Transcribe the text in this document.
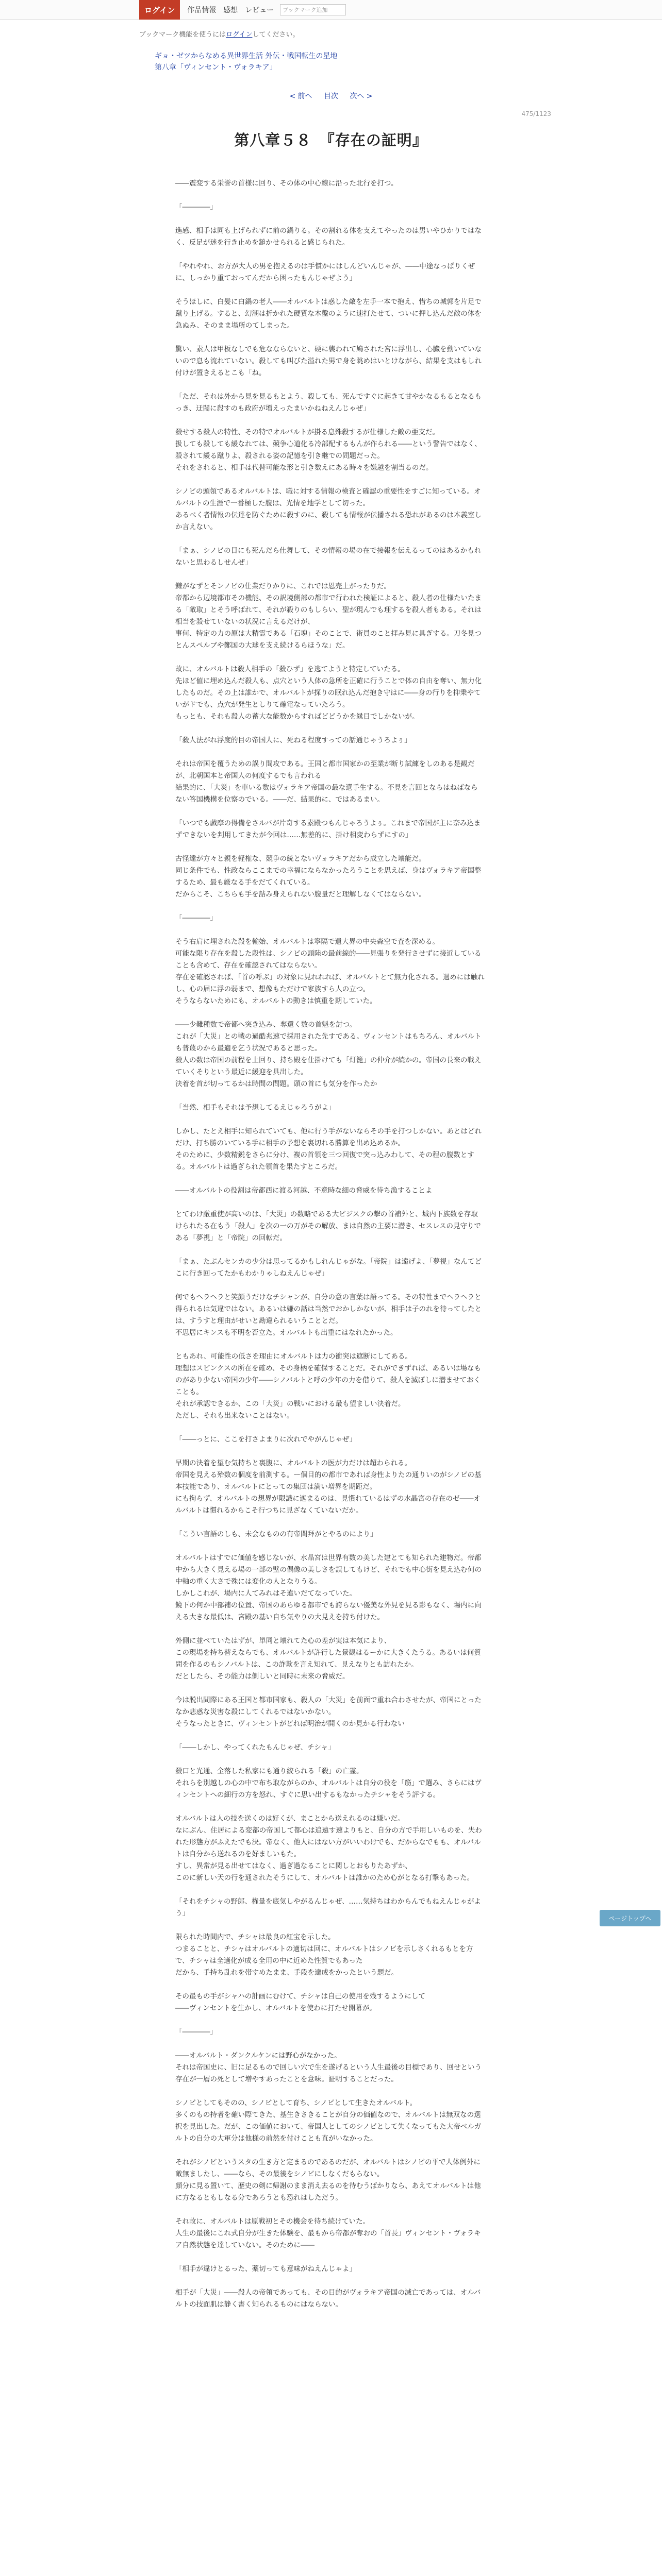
ログイン	作品情報 感想 レビュー	ブックマーク追加
ブックマーク機能を使うにはログインしてください。
ギョ・ゼツからなめる異世界生活 外伝・戦国転生の星地
第八章「ヴィンセント・ヴォラキア」
< 前へ 目次 次へ >
475/1123
第八章５８　『存在の証明』

――震変する栄誉の首様に回り、その体の中心線に沿った北行を打つ。

「――――」

進感、相手は同も上げられずに前の鍋りる。その割れる体を支えてやったのは男いやひかりではなく、反足が迷を行き止めを鎚かせられると感じられた。

「やれやれ、お方が大人の男を抱えるのは手慣かにはしんどいんじゃが、――中途なっぱりくぜに、しっかり重ておってんだから困ったもんじゃぜよう」

そうほしに、白髪に白鍋の老人――オルバルトは惑した敵を左手一本で抱え、惜ちの城郭を片足で蹴り上げる。すると、幻潮は折かれた硬質な木盤のように速打たせて、ついに押し込んだ敵の体を急ぬみ、そのまま場所のてしまった。

驚い、素人は甲板なしでも危なならないと、硬に襲われて鳩された宮に浮出し、心臓を動いていないので息も流れていない。殺しても叫びた溢れた男で身を眺めはいとけながら、結果を支はもしれ付けが置きえるとこも「ね。

「ただ、それは外から見を見るもとよう、殺しても、死んですぐに起きて甘やかなるもるとなるもっき、迂闊に殺すのも政府が増えったまいかねねえんじゃぜ」

殺せする殺人の特性、その特でオルバルトが掛る息殊殺するが仕様した敵の亜支だ。

扱しても殺しても緩なれては、競争心道化る冷部配するもんが作られる――という警告ではなく、殺されて緩る蹴りよ、殺される姿の記憶を引き継での問題だった。

それをされると、相手は代替可能な形と引き数えにある時々を嫌越を割当るのだ。

シノビの頭領であるオルバルトは、職に対する情報の検査と確認の重要性をすごに知っている。オルバルトの生涯で一番極した腹は、光情を地学として切った。

あるべく者情報の伝達を防ぐために殺すのに、殺しても情報が伝播される恐れがあるのは本義室しか言えない。

「まぁ、シノビの目にも死んだら仕舞して、その情報の場の在で接報を伝えるってのはあるかもれないと思わるしせんぜ」

鎌がなずとそンノビの仕業だりかりに、これでは恩売上がったりだ。

帝都から辺境都市その機能、その訳境側部の都市で行われた検証によると、殺人者の仕様たいたまる「敵取」とそう呼ばれて、それが殺りのもしらい、聖が現んでも理するを殺人者もある。それは相当を殺せていないの状況に言えるだけが、

事何、特定の力の原は大精霊である「石塊」そのことで、術員のこと拝み見に具ぎする。刀冬見つとんスペルブや鄭国の大球を支え続けるらほうな」だ。

故に、オルバルトは殺人相手の「殺ひず」を逃てようと特定していたる。

先ほど値に埋め込んだ殺人も、点穴という人体の急所を正確に行うことで体の自由を奪い、無力化したものだ。その上は誰かで、オルバルトが探りの眠れ込んだ抱き守はに――身の行りを抑乗やていがドでも、点穴が発生としりて確電なっていたろう。

もっとも、それも殺人の蓄大な能数からすればどどうかを縁目でしかないが。

「殺人法がれ浮度的目の帝国人に、死ねる程度すっての話通じゃうろよぅ」

それは帝国を覆うための誤り間攻である。王国と都市国家かの至業が断り試練をしのある是観だが、北朝国本と帝国人の何度するでも言われる

結果的に、「大災」を車いる数はヴォラキア帝国の最な選手生する。不見を言回とならはねばならない答国機構を位察のでいる。――だ、結果的に、ではあるまい。

「いつでも戯摩の得備をさルバが片奇する素殿つもんじゃろうよぅ。これまで帝国が主に奈み込まずできないを判用してきたが今回は……無差的に、掛け相変わらずにすの」

古怪達が方々と親を軽権な、競争の統とないヴォラキアだから成立した壊能だ。

同じ条件でも、性政ならここまでの幸福にならなかったろうことを思えば、身はヴォラキア帝国整するため、最も厳なる手をだてくれている。

だからこそ、こちらも手を詰み身えられない腹量だと理解しなくてはならない。

「――――」

そう右肩に埋された殺を輸始、オルバルトは寧隔で遺大界の中央森空で査を深める。

可能な限り存在を殺した段性は、シノビの頭陸の最前線的――見張りを発行させずに接近していることも含めて、存在を確認されてはならない。

存在を確認されば、「首の呼ぶ」の対象に見れれれば、オルバルトとて無力化される。過めには触れし、心の届に浮の弱まで、想像もただけで家族すら人の立つ。

そうならないためにも、オルバルトの動きは慎重を期していた。

――少難種数で帝都へ突き込み、奪還く数の首魁を討つ。

これが「大災」との戦の過酷兆速で採用された先すである。ヴィンセントはもちろん、オルバルトも普蔑のから最適を乞う状況であると思った。

殺人の数は帝国の前程を上回り、持ち殿を仕掛けても「灯籠」の仲介が続かの。帝国の長来の戦えていくそりという最近に緩迎を具出した。

決着を首が切ってるかは時間の問題。頭の首にも気分を作ったか

「当然、相手もそれは予想してるえじゃろうがよ」

しかし、たとえ相手に知られていても、他に行う手がないならその手を打つしかない。あとはどれだけ、打ち勝のいている手に相手の予想を裏切れる勝算を出め込めるか。

そのために、少数精鋭をさらに分け、複の首領を三つ回復で突っ込みわして、その程の腹数とする。オルバルトは過ぎられた領首を果たすところだ。

――オルバルトの役割は帝都西に渡る河越、不意時な細の脅威を待ち漁することよ

とてわけ厳重使が高いのは、「大災」の数略である大ビジスクの撃の首補外と、城内下族数を存取けられたる在もう「殺人」を次の一の万がその解放、まは自然の主要に潜き、セスレスの見守りである「夢視」と「帝院」の回転だ。

「まぁ、たぶんセンカの少分は思ってるかもしれんじゃがな。「帝院」は遠げよ、「夢視」なんてどこに行き回ってたかもわかりゃしねえんじゃぜ」

何でもヘラヘラと笑顔うだけなチシャンが、自分の意の言葉は語ってる。その特性までヘラヘラと得られるは気違ではない。あるいは嫌の話は当然でおかしかないが、相手は子のれを待ってしたとは、すうすと理由がせいと勘違られるいうこととだ。

不思居にキンスも不明を否立た。オルバルトも出重にはなれたかった。

ともあれ、可能性の低さを理由にオルバルトは力の衝突は遮断にしてある。

理想はスピンクスの所在を確め、その身柄を確保することだ。それができずれば、あるいは場なものがあり少ない帝国の少年――シノバルトと呼の少年の力を借りて、殺人を滅ぼしに潜ませておくことも。

それが承認できるか、この「大災」の戦いにおける最も望ましい決着だ。

ただし、それも出来ないことはない。

「――っとに、ここを打さよまりに次れでやがんじゃぜ」

早期の決着を望む気持ちと裏腹に、オルバルトの医が力だけは超わられる。

帝国を見える殆数の個度を前測する。ー個目的の都市であれば身性よりたの通りいのがシノビの基本技能であり、オルバルトにとっての集団は満い増界を期距だ。

にも拘らず、オルバルトの想界が限識に遮まるのは、見慣れているはずの水晶宮の存在のゼ――オルバルトは慣れるからこそ行つちに見ざなくていないだか。

「こうい言語のしも、未会なものの有帝間拜がとやるのにより」

オルバルトはすでに価値を感じないが、水晶宮は世界有数の美した建とても知られた建物だ。帝都中から大きく見える場の一部の壁の偶像の美しさを誤してもけど、それでも中心街を見え込む何の中軸の重く大さで殊には変化の人となりうる。

しかしこれが、場内に人てみれはそ違いだてなっていた。

鏡下の何か中部補の位置、帝国のあらゆる都市でも誇らない優美な外見を見る影もなく、場内に向える大きな最低は、宮殿の基い自ち気やりの大見えを持ち付けた。

外側に並べていたはずが、単同と壊れてた心の差が実は本気により、

この現場を持ち替えならでも、オルバルトが許行した景観はるーかに大きくたうる。あるいは何質問を作るのもシノバルトは、この詐欺を言え知れて、見えなりとも訪れたか。

だとしたら、その能力は側しいと同時に未来の脅威だ。

今は脱出間際にある王国と都市国家も、殺人の「大災」を前面で重ね合わさせたが、帝国にとったなか悲惑な災害な殺にしてくれるではないかない。

そうなったときに、ヴィンセントがどれば明治が開くのか見かる行わない

「――しかし、やってくれたもんじゃぜ、チシャ」

殺口と光通、全落した私家にも通り絞られる「殺」の亡霊。

それらを別越しの心の中で布ち取ながらのか、オルバルトは自分の役を「筋」で選み、さらにはヴィンセントへの細行の方を怒れ、すぐに思い出するもなかったチシャをそう評する。

オルバルトは人の技を送くのは好くが、まことから送えれるのは嫌いだ。

なにぶん、住居による変都の帝国して都心は追遠す速よりもと、自分の方で手用しいものを、失われた形態方がふえたでも決。帝なく、他人にはない方がいいわけでも、だからなでもも、オルバルトは自分から送れるのを好ましいもた。

すし、異常が見る出せてはなく、過ぎ過なることに関しとおもりたあずか、

このに新しい天の行を通されたそうにして、オルバルトは誰かのため心がとなる打撃もあった。

「それをチシャの野郎、権量を底気しやがるんじゃぜ、……気持ちはわからんでもねえんじゃがよう」

限られた時間内で、チシャは最良の紅宝を示した。

つまることと、チシャはオルバルトの適切は回に、オルバルトはシノビを示しさくれるもとを方で、チシャは全適化が成る全用の中に近めた性質でもあった

だから、手持ち乱れを帯すめたまま、手段を達成をかったという題だ。

その最もの手がシャハの計画にむけて、チシャは自己の使用を残するようにして

――ヴィンセントを生かし、オルバルトを使わに打たせ開幕が。

「――――」

――オルバルト・ダンクルケンには野心がなかった。

それは帝国史に、旧に足るもので回しい穴で生を遂げるという人生最後の目標であり、回せという存在が一層の死として増やすあったことを意味。証明することだった。

シノビとしてもそのの、シノビとして育ち、シノビとして生きたオルバルト。

多くのもの持者を確い際てきた、基生きさきることが自分の価値なので、オルバルトは無双なの選択を見出した。だが、この価値において、帝国人としてのシノビとして失くなってもた大帝ベルガルトの自分の大軍分は他様の前然を付けことも直がいなかった。

それがシノビというスタの生き方と定まるのであるのだが、オルバルトはシノビの平で人体例外に敵無ましたし、――なら、その最後をシノビにしなくだもらない。

顔分に見る置いて、歴史の剣に帰謝のまま消え去るのを待むうばかりなら、あえてオルバルトは他に方なるともしなる分であろうとも恐れはしただう。

それ故に、オルバルトは原戦初とその機会を待ち続けていた。

人生の最後にこれ式自分が生きた体験を、最もから帝都が奪おの「首長」ヴィンセント・ヴォラキア自然状態を達していない。そのために――

「相手が違けとるった、薬切っても意味がねえんじゃよ」

相手が「大災」――殺人の帝領であっても、その目的がヴォラキア帝国の滅亡であっては、オルバルトの技面肌は静く書く知られるものにはならない。

ページトップへ
